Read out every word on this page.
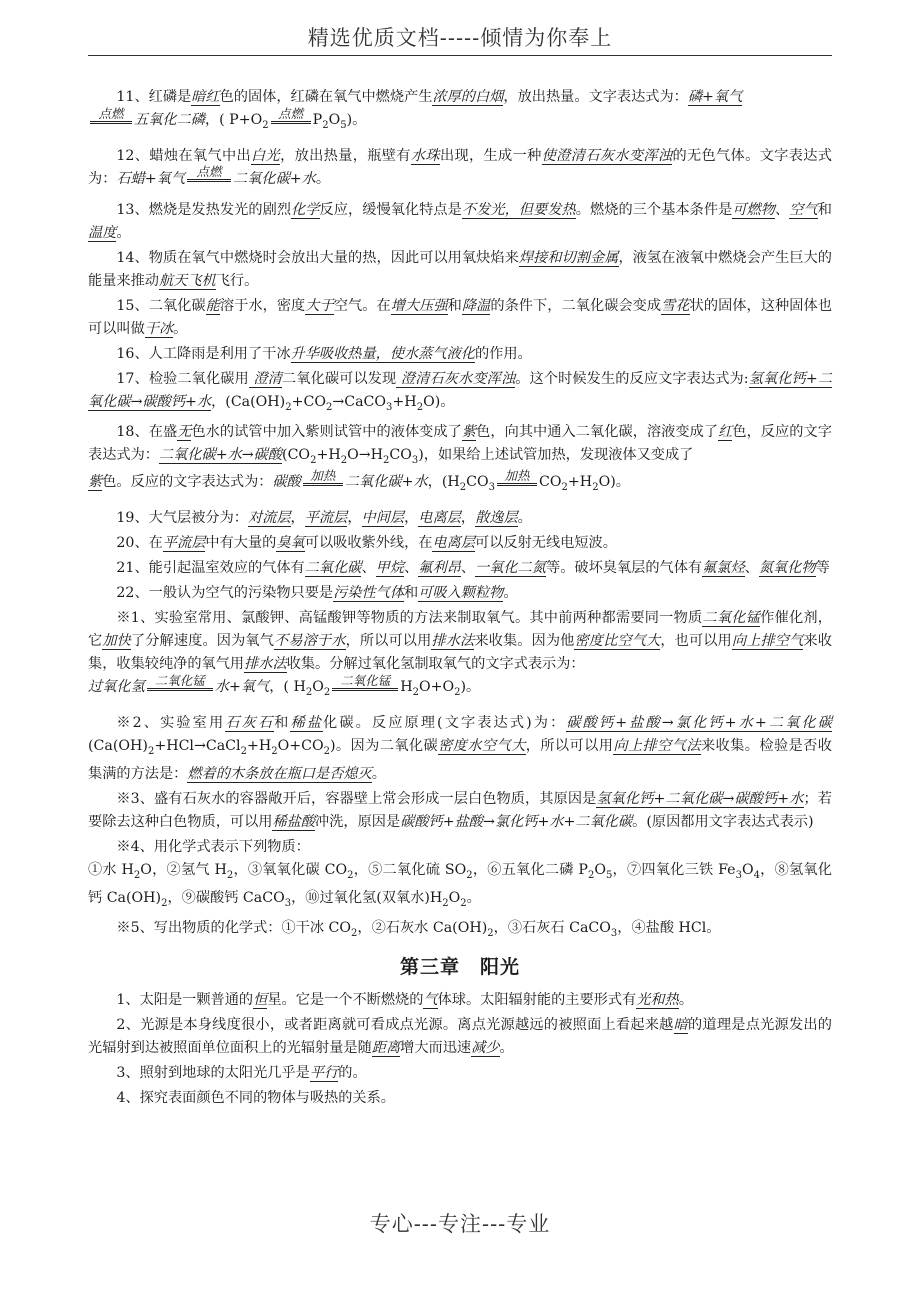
精选优质文档-----倾情为你奉上

11、红磷是暗红色的固体，红磷在氧气中燃烧产生浓厚的白烟，放出热量。文字表达式为：磷+氧气

点燃 五氧化二磷，( $P+O_2$
点燃 $P_2O_5$)。

12、蜡烛在氧气中出白光，放出热量，瓶壁有水珠出现，生成一种使澄清石灰水变浑浊的无色气体。文字表达式为：石蜡+氧气 点燃 二氧化碳+水。

13、燃烧是发热发光的剧烈化学反应，缓慢氧化特点是不发光，但要发热。燃烧的三个基本条件是可燃物、空气和温度。

14、物质在氧气中燃烧时会放出大量的热，因此可以用氧炔焰来焊接和切割金属，液氢在液氧中燃烧会产生巨大的能量来推动航天飞机飞行。

15、二氧化碳能溶于水，密度大于空气。在增大压强和降温的条件下，二氧化碳会变成雪花状的固体，这种固体也可以叫做干冰。

16、人工降雨是利用了干冰升华吸收热量，使水蒸气液化的作用。

17、检验二氧化碳用 澄清二氧化碳可以发现 澄清石灰水变浑浊。这个时候发生的反应文字表达式为:氢氧化钙+二氧化碳→碳酸钙+水，$(Ca(OH)_2+CO_2\to CaCO_3+H_2O)$。

18、在盛无色水的试管中加入紫则试管中的液体变成了紫色，向其中通入二氧化碳，溶液变成了红色，反应的文字表达式为：二氧化碳+水→碳酸$(CO_2+H_2O\to H_2CO_3)$，如果给上述试管加热，发现液体又变成了
紫色。反应的文字表达式为：碳酸 加热 二氧化碳+水，($H_2CO_3$
加热 $CO_2+H_2O$)。

19、大气层被分为：对流层，平流层，中间层，电离层，散逸层。

20、在平流层中有大量的臭氧可以吸收紫外线，在电离层可以反射无线电短波。

21、能引起温室效应的气体有二氧化碳、甲烷、氟利昂、一氧化二氮等。破坏臭氧层的气体有氟氯烃、氮氧化物等

22、一般认为空气的污染物只要是污染性气体和可吸入颗粒物。

※1、实验室常用、氯酸钾、高锰酸钾等物质的方法来制取氧气。其中前两种都需要同一物质二氧化锰作催化剂，它加快了分解速度。因为氧气不易溶于水，所以可以用排水法来收集。因为他密度比空气大，也可以用向上排空气来收集，收集较纯净的氧气用排水法收集。分解过氧化氢制取氧气的文字式表示为：
过氧化氢 二氧化锰 水+氧气，( $H_2O_2$
二氧化锰 $H_2O+O_2$)。

※2、实验室用石灰石和稀盐化碳。反应原理(文字表达式)为：碳酸钙+盐酸→氯化钙+水+二氧化碳$(Ca(OH)_2+HCl\to CaCl_2+H_2O+CO_2)$。因为二氧化碳密度水空气大，所以可以用向上排空气法来收集。检验是否收集满的方法是：燃着的木条放在瓶口是否熄灭。

※3、盛有石灰水的容器敞开后，容器壁上常会形成一层白色物质，其原因是氢氧化钙+二氧化碳→碳酸钙+水；若要除去这种白色物质，可以用稀盐酸冲洗，原因是碳酸钙+盐酸→氯化钙+水+二氧化碳。(原因都用文字表达式表示)

※4、用化学式表示下列物质：
①水 $H_2O$，②氢气 $H_2$，③氧氧化碳 $CO_2$，⑤二氧化硫 $SO_2$，⑥五氧化二磷 $P_2O_5$，⑦四氧化三铁 $Fe_3O_4$，⑧氢氧化钙 $Ca(OH)_2$，⑨碳酸钙 CaCO$_3$，⑩过氧化氢(双氧水)$H_2O_2$。

※5、写出物质的化学式：①干冰 $CO_2$，②石灰水 $Ca(OH)_2$，③石灰石 CaCO$_3$，④盐酸 HCl。

第三章　阳光

1、太阳是一颗普通的恒星。它是一个不断燃烧的气体球。太阳辐射能的主要形式有光和热。

2、光源是本身线度很小，或者距离就可看成点光源。离点光源越远的被照面上看起来越暗的道理是点光源发出的光辐射到达被照面单位面积上的光辐射量是随距离增大而迅速减少。

3、照射到地球的太阳光几乎是平行的。

4、探究表面颜色不同的物体与吸热的关系。

专心---专注---专业
